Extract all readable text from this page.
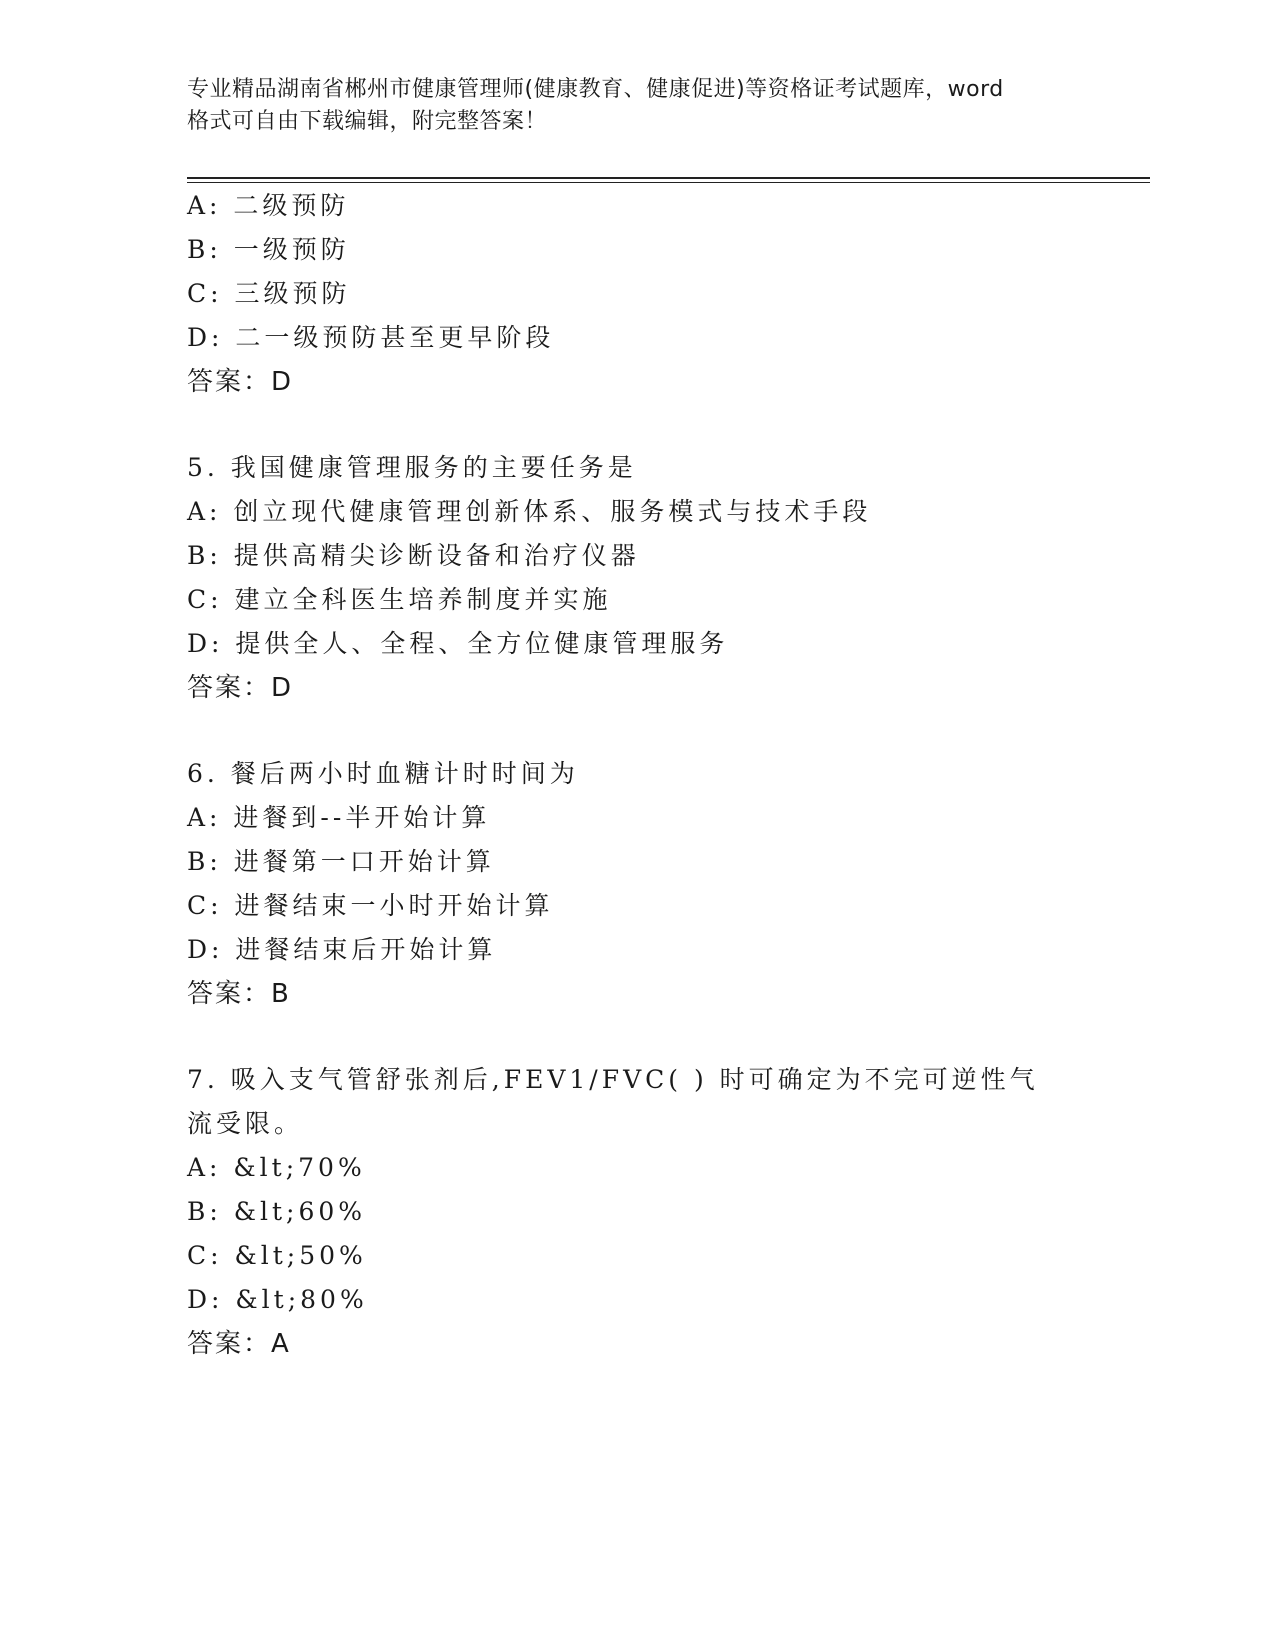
专业精品湖南省郴州市健康管理师(健康教育、健康促进)等资格证考试题库，word
格式可自由下载编辑，附完整答案！
A: 二级预防
B: 一级预防
C: 三级预防
D: 二一级预防甚至更早阶段
答案：D
5. 我国健康管理服务的主要任务是
A: 创立现代健康管理创新体系、服务模式与技术手段
B: 提供高精尖诊断设备和治疗仪器
C: 建立全科医生培养制度并实施
D: 提供全人、全程、全方位健康管理服务
答案：D
6. 餐后两小时血糖计时时间为
A: 进餐到--半开始计算
B: 进餐第一口开始计算
C: 进餐结束一小时开始计算
D: 进餐结束后开始计算
答案：B
7. 吸入支气管舒张剂后,FEV1/FVC( ) 时可确定为不完可逆性气
流受限。
A: &lt;70%
B: &lt;60%
C: &lt;50%
D: &lt;80%
答案：A
